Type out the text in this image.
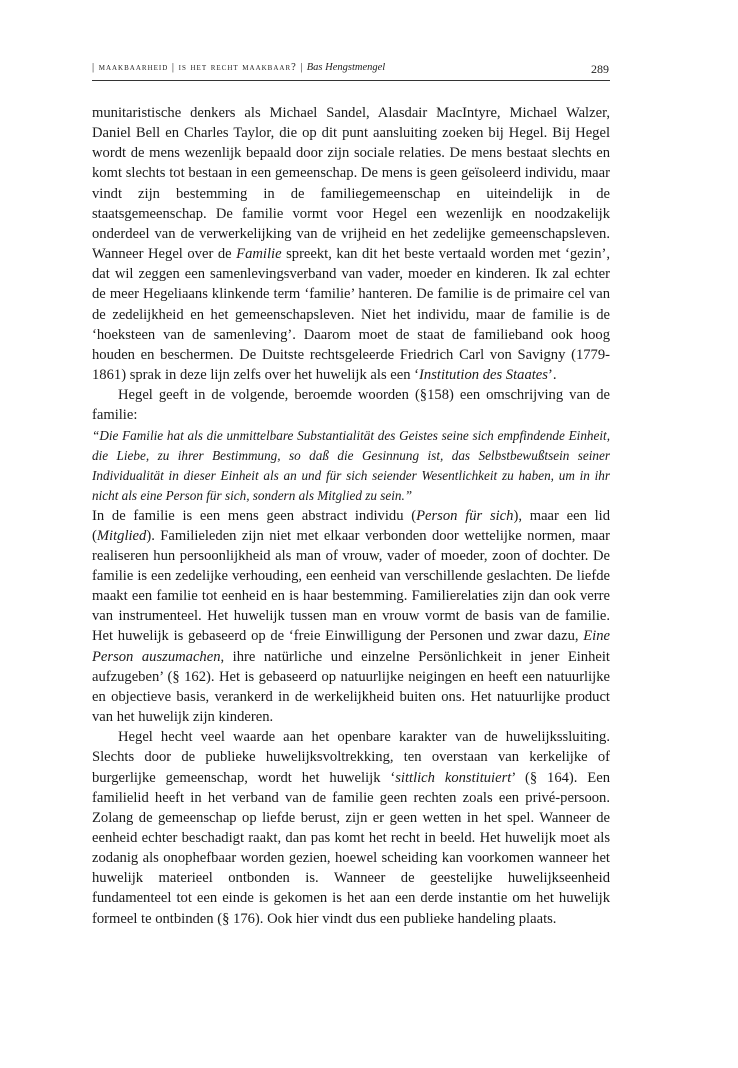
| maakbaarheid | is het recht maakbaar? | Bas Hengstmengel	289

munitaristische denkers als Michael Sandel, Alasdair MacIntyre, Michael Walzer, Daniel Bell en Charles Taylor, die op dit punt aansluiting zoeken bij Hegel. Bij Hegel wordt de mens wezenlijk bepaald door zijn sociale relaties. De mens bestaat slechts en komt slechts tot bestaan in een gemeenschap. De mens is geen geïsoleerd individu, maar vindt zijn bestemming in de familiegemeenschap en uiteindelijk in de staatsgemeenschap. De familie vormt voor Hegel een wezenlijk en noodzakelijk onderdeel van de verwerkelijking van de vrijheid en het zedelijke gemeenschapsleven. Wanneer Hegel over de Familie spreekt, kan dit het beste vertaald worden met ‘gezin’, dat wil zeggen een samenlevingsverband van vader, moeder en kinderen. Ik zal echter de meer Hegeliaans klinkende term ‘familie’ hanteren. De familie is de primaire cel van de zedelijkheid en het gemeenschapsleven. Niet het individu, maar de familie is de ‘hoeksteen van de samenleving’. Daarom moet de staat de familieband ook hoog houden en beschermen. De Duitste rechtsgeleerde Friedrich Carl von Savigny (1779-1861) sprak in deze lijn zelfs over het huwelijk als een ‘Institution des Staates’.

Hegel geeft in de volgende, beroemde woorden (§158) een omschrijving van de familie:

“Die Familie hat als die unmittelbare Substantialität des Geistes seine sich empfindende Einheit, die Liebe, zu ihrer Bestimmung, so daß die Gesinnung ist, das Selbstbewußtsein seiner Individualität in dieser Einheit als an und für sich seiender Wesentlichkeit zu haben, um in ihr nicht als eine Person für sich, sondern als Mitglied zu sein.”

In de familie is een mens geen abstract individu (Person für sich), maar een lid (Mitglied). Familieleden zijn niet met elkaar verbonden door wettelijke normen, maar realiseren hun persoonlijkheid als man of vrouw, vader of moeder, zoon of dochter. De familie is een zedelijke verhouding, een eenheid van verschillende geslachten. De liefde maakt een familie tot eenheid en is haar bestemming. Familierelaties zijn dan ook verre van instrumenteel. Het huwelijk tussen man en vrouw vormt de basis van de familie. Het huwelijk is gebaseerd op de ‘freie Einwilligung der Personen und zwar dazu, Eine Person auszumachen, ihre natürliche und einzelne Persönlichkeit in jener Einheit aufzugeben’ (§ 162). Het is gebaseerd op natuurlijke neigingen en heeft een natuurlijke en objectieve basis, verankerd in de werkelijkheid buiten ons. Het natuurlijke product van het huwelijk zijn kinderen.

Hegel hecht veel waarde aan het openbare karakter van de huwelijkssluiting. Slechts door de publieke huwelijksvoltrekking, ten overstaan van kerkelijke of burgerlijke gemeenschap, wordt het huwelijk ‘sittlich konstituiert’ (§ 164). Een familielid heeft in het verband van de familie geen rechten zoals een privé-persoon. Zolang de gemeenschap op liefde berust, zijn er geen wetten in het spel. Wanneer de eenheid echter beschadigt raakt, dan pas komt het recht in beeld. Het huwelijk moet als zodanig als onophefbaar worden gezien, hoewel scheiding kan voorkomen wanneer het huwelijk materieel ontbonden is. Wanneer de geestelijke huwelijkseenheid fundamenteel tot een einde is gekomen is het aan een derde instantie om het huwelijk formeel te ontbinden (§ 176). Ook hier vindt dus een publieke handeling plaats.
